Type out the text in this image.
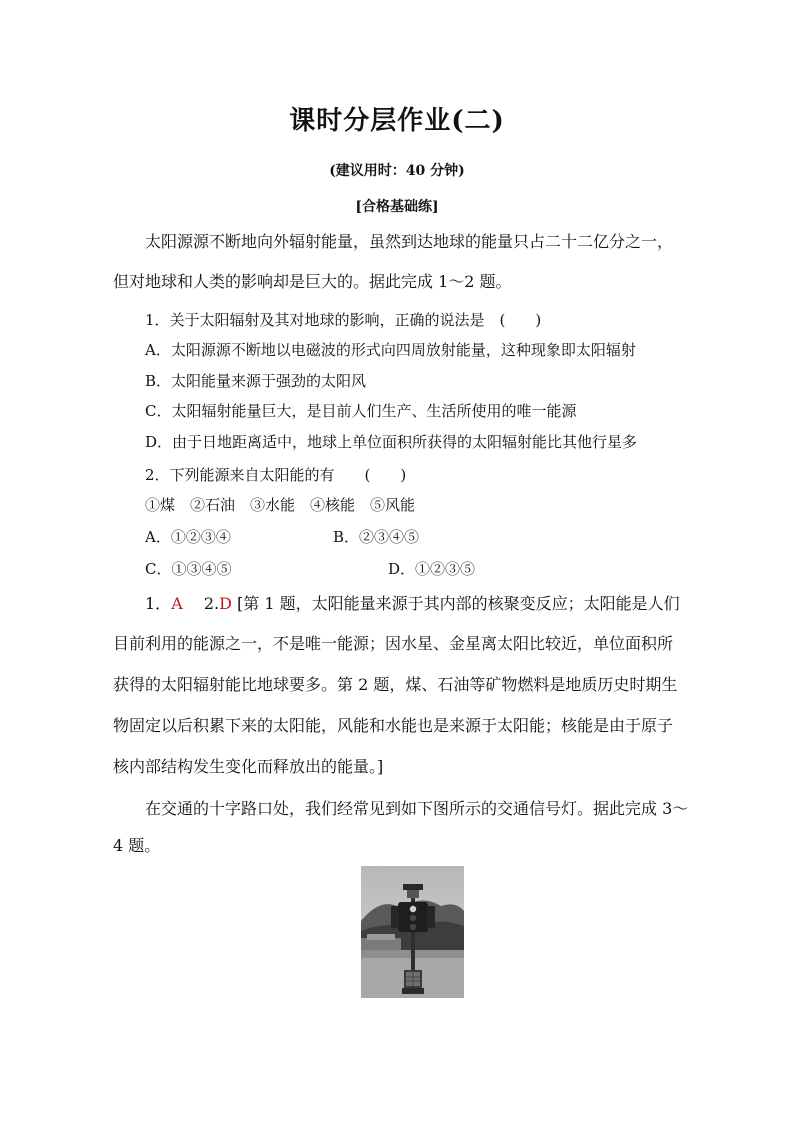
课时分层作业(二)
(建议用时：40 分钟)
[合格基础练]
太阳源源不断地向外辐射能量，虽然到达地球的能量只占二十二亿分之一，
但对地球和人类的影响却是巨大的。据此完成 1～2 题。
1．关于太阳辐射及其对地球的影响，正确的说法是　(　　)
A．太阳源源不断地以电磁波的形式向四周放射能量，这种现象即太阳辐射
B．太阳能量来源于强劲的太阳风
C．太阳辐射能量巨大，是目前人们生产、生活所使用的唯一能源
D．由于日地距离适中，地球上单位面积所获得的太阳辐射能比其他行星多
2．下列能源来自太阳能的有　　(　　)
①煤　②石油　③水能　④核能　⑤风能
A．①②③④	B．②③④⑤
C．①③④⑤	D．①②③⑤
1．A 　2.D [第 1 题，太阳能量来源于其内部的核聚变反应；太阳能是人们
目前利用的能源之一，不是唯一能源；因水星、金星离太阳比较近，单位面积所
获得的太阳辐射能比地球要多。第 2 题，煤、石油等矿物燃料是地质历史时期生
物固定以后积累下来的太阳能，风能和水能也是来源于太阳能；核能是由于原子
核内部结构发生变化而释放出的能量。]
在交通的十字路口处，我们经常见到如下图所示的交通信号灯。据此完成 3～
4 题。
